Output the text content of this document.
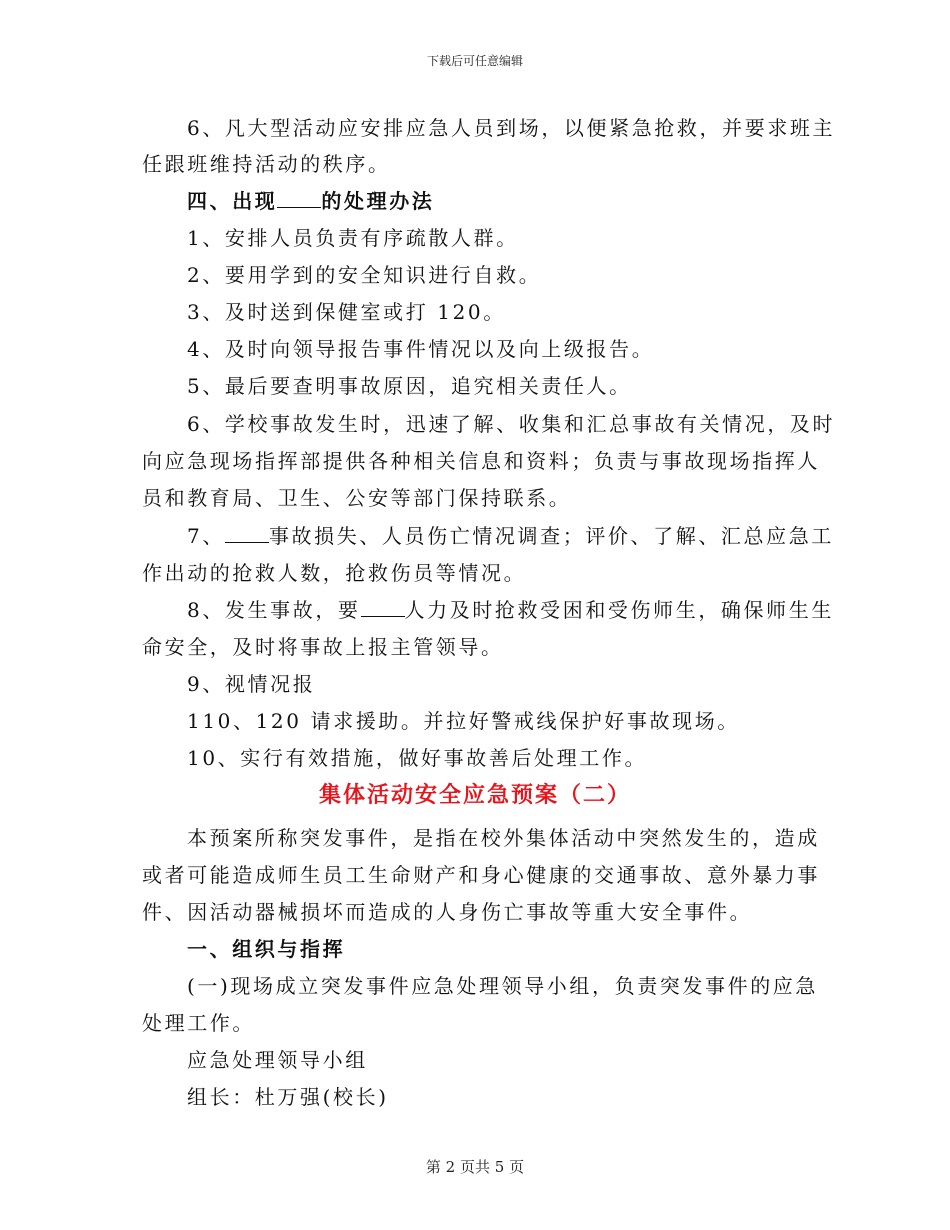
下载后可任意编辑
6、凡大型活动应安排应急人员到场，以便紧急抢救，并要求班主
任跟班维持活动的秩序。
四、出现 的处理办法
1、安排人员负责有序疏散人群。
2、要用学到的安全知识进行自救。
3、及时送到保健室或打 120。
4、及时向领导报告事件情况以及向上级报告。
5、最后要查明事故原因，追究相关责任人。
6、学校事故发生时，迅速了解、收集和汇总事故有关情况，及时
向应急现场指挥部提供各种相关信息和资料；负责与事故现场指挥人
员和教育局、卫生、公安等部门保持联系。
7、 事故损失、人员伤亡情况调查；评价、了解、汇总应急工
作出动的抢救人数，抢救伤员等情况。
8、发生事故，要 人力及时抢救受困和受伤师生，确保师生生
命安全，及时将事故上报主管领导。
9、视情况报
110、120 请求援助。并拉好警戒线保护好事故现场。
10、实行有效措施，做好事故善后处理工作。
集体活动安全应急预案（二）
本预案所称突发事件，是指在校外集体活动中突然发生的，造成
或者可能造成师生员工生命财产和身心健康的交通事故、意外暴力事
件、因活动器械损坏而造成的人身伤亡事故等重大安全事件。
一、组织与指挥
(一)现场成立突发事件应急处理领导小组，负责突发事件的应急
处理工作。
应急处理领导小组
组长：杜万强(校长)
第 2 页共 5 页
